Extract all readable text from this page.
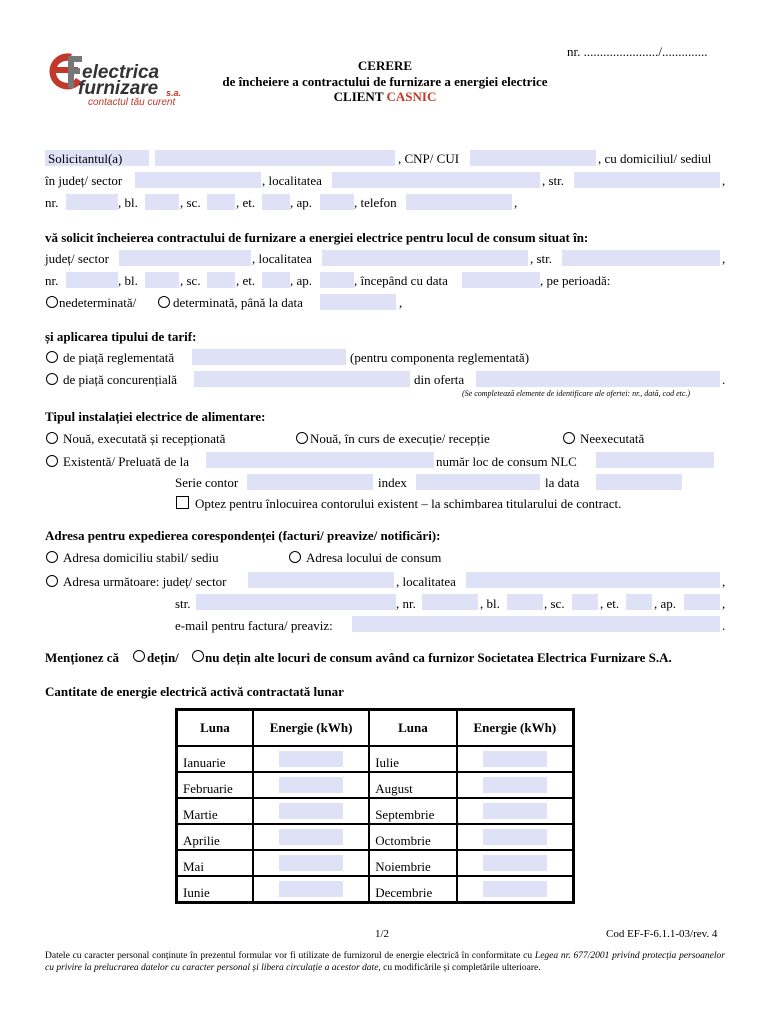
electrica
furnizare s.a.
contactul tău curent
nr. ......................./..............
CERERE
de încheiere a contractului de furnizare a energiei electrice
CLIENT CASNIC
Solicitantul(a)	, CNP/ CUI	, cu domiciliul/ sediul
în județ/ sector	, localitatea	, str.	,
nr.	, bl.	, sc.	, et.	, ap.	, telefon	,
vă solicit încheierea contractului de furnizare a energiei electrice pentru locul de consum situat în:
județ/ sector	, localitatea	, str.	,
nr.	, bl.	, sc.	, et.	, ap.	, începând cu data	, pe perioadă:
nedeterminată/	determinată, până la data	,
și aplicarea tipului de tarif:
de piață reglementată	(pentru componenta reglementată)
de piață concurențială	din oferta	.
(Se completează elemente de identificare ale ofertei: nr., dată, cod etc.)
Tipul instalației electrice de alimentare:
Nouă, executată și recepționată	Nouă, în curs de execuție/ recepție	Neexecutată
Existentă/ Preluată de la	număr loc de consum NLC
Serie contor	index	la data
Optez pentru înlocuirea contorului existent – la schimbarea titularului de contract.
Adresa pentru expedierea corespondenței (facturi/ preavize/ notificări):
Adresa domiciliu stabil/ sediu	Adresa locului de consum
Adresa următoare: județ/ sector	, localitatea	,
str.	, nr.	, bl.	, sc.	, et.	, ap.	,
e-mail pentru factura/ preaviz:	.
Menționez că dețin/ nu dețin alte locuri de consum având ca furnizor Societatea Electrica Furnizare S.A.
Cantitate de energie electrică activă contractată lunar
Luna	Energie (kWh)	Luna	Energie (kWh)
Ianuarie		Iulie	

Februarie		August	

Martie		Septembrie	

Aprilie		Octombrie	

Mai		Noiembrie	

Iunie		Decembrie	
1/2	Cod EF-F-6.1.1-03/rev. 4
Datele cu caracter personal conținute în prezentul formular vor fi utilizate de furnizorul de energie electrică în conformitate cu Legea nr. 677/2001 privind protecția persoanelor cu privire la prelucrarea datelor cu caracter personal și libera circulație a acestor date, cu modificările și completările ulterioare.
